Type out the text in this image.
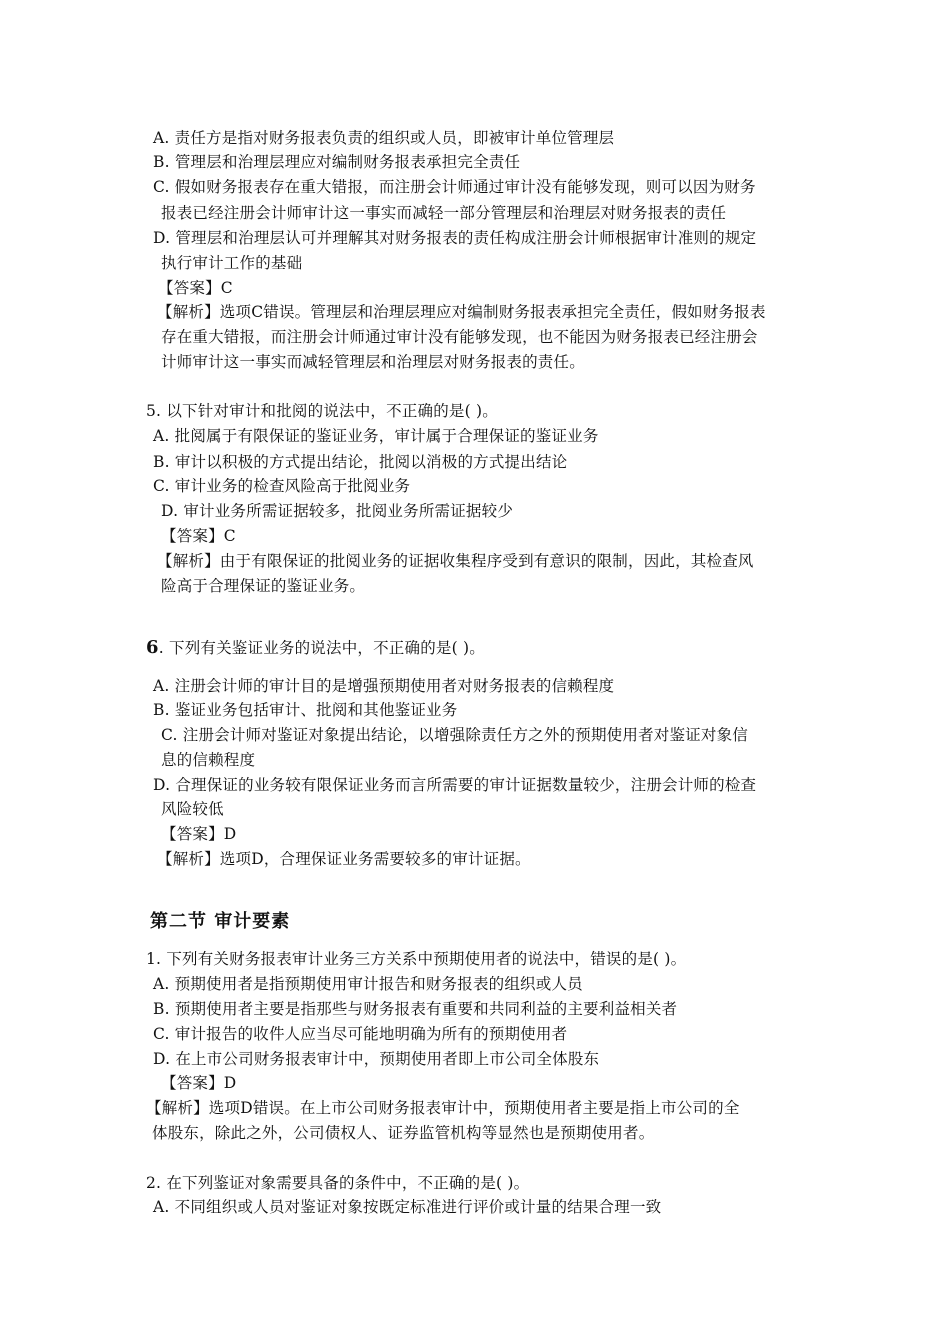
A. 责任方是指对财务报表负责的组织或人员，即被审计单位管理层
B. 管理层和治理层理应对编制财务报表承担完全责任
C. 假如财务报表存在重大错报，而注册会计师通过审计没有能够发现，则可以因为财务
报表已经注册会计师审计这一事实而减轻一部分管理层和治理层对财务报表的责任
D. 管理层和治理层认可并理解其对财务报表的责任构成注册会计师根据审计准则的规定
执行审计工作的基础
【答案】C
【解析】选项C错误。管理层和治理层理应对编制财务报表承担完全责任，假如财务报表
存在重大错报，而注册会计师通过审计没有能够发现，也不能因为财务报表已经注册会
计师审计这一事实而减轻管理层和治理层对财务报表的责任。
5. 以下针对审计和批阅的说法中，不正确的是( )。
A. 批阅属于有限保证的鉴证业务，审计属于合理保证的鉴证业务
B. 审计以积极的方式提出结论，批阅以消极的方式提出结论
C. 审计业务的检查风险高于批阅业务
D. 审计业务所需证据较多，批阅业务所需证据较少
【答案】C
【解析】由于有限保证的批阅业务的证据收集程序受到有意识的限制，因此，其检查风
险高于合理保证的鉴证业务。
6. 下列有关鉴证业务的说法中，不正确的是( )。
A. 注册会计师的审计目的是增强预期使用者对财务报表的信赖程度
B. 鉴证业务包括审计、批阅和其他鉴证业务
C. 注册会计师对鉴证对象提出结论，以增强除责任方之外的预期使用者对鉴证对象信
息的信赖程度
D. 合理保证的业务较有限保证业务而言所需要的审计证据数量较少，注册会计师的检查
风险较低
【答案】D
【解析】选项D，合理保证业务需要较多的审计证据。
第二节 审计要素
1. 下列有关财务报表审计业务三方关系中预期使用者的说法中，错误的是( )。
A. 预期使用者是指预期使用审计报告和财务报表的组织或人员
B. 预期使用者主要是指那些与财务报表有重要和共同利益的主要利益相关者
C. 审计报告的收件人应当尽可能地明确为所有的预期使用者
D. 在上市公司财务报表审计中，预期使用者即上市公司全体股东
【答案】D
【解析】选项D错误。在上市公司财务报表审计中，预期使用者主要是指上市公司的全
体股东，除此之外，公司债权人、证券监管机构等显然也是预期使用者。
2. 在下列鉴证对象需要具备的条件中，不正确的是( )。
A. 不同组织或人员对鉴证对象按既定标准进行评价或计量的结果合理一致
